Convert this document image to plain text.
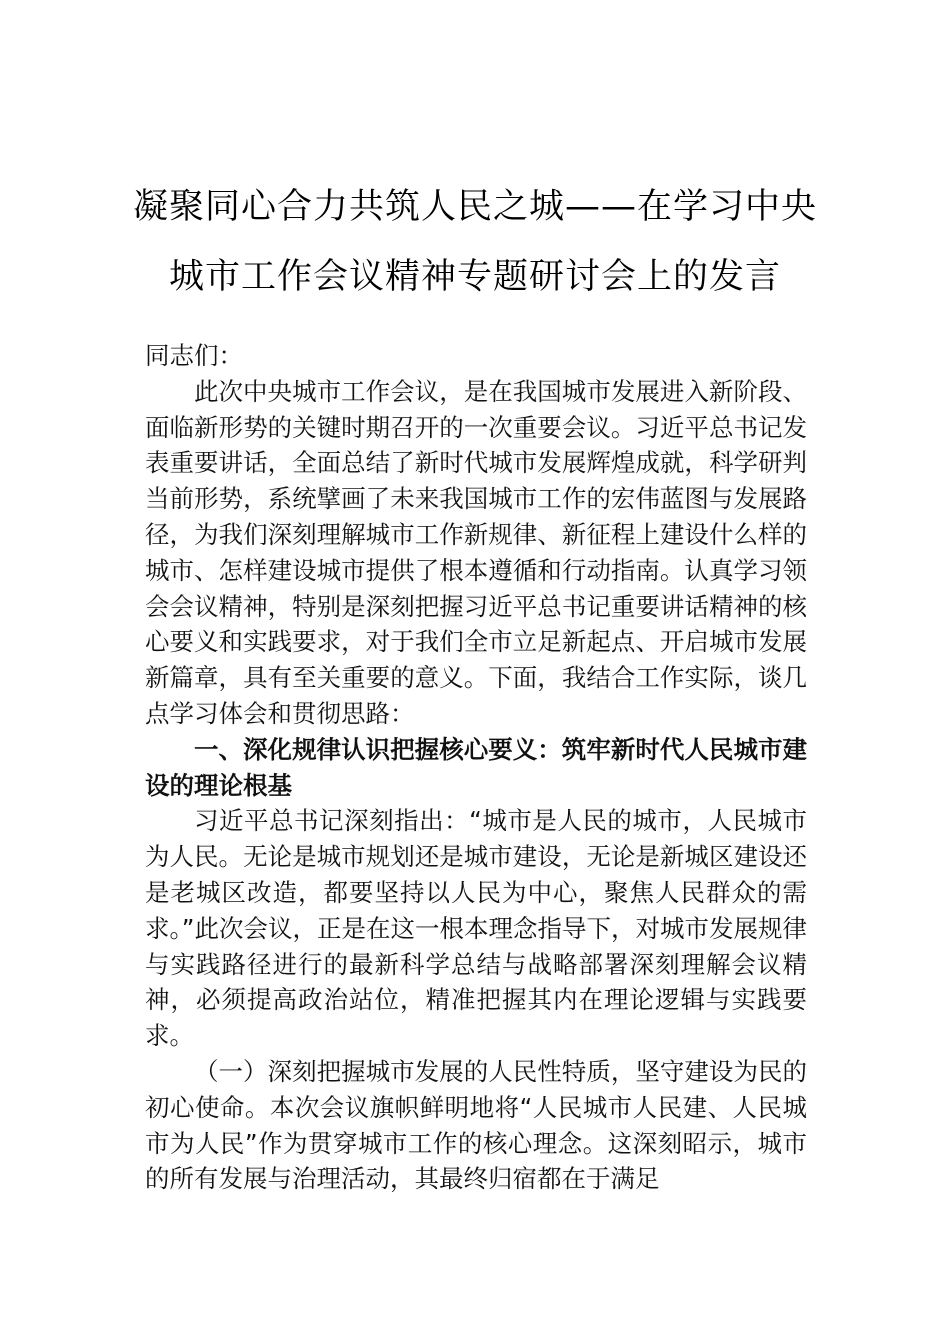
凝聚同心合力共筑人民之城——在学习中央城市工作会议精神专题研讨会上的发言

同志们：

此次中央城市工作会议，是在我国城市发展进入新阶段、面临新形势的关键时期召开的一次重要会议。习近平总书记发表重要讲话，全面总结了新时代城市发展辉煌成就，科学研判当前形势，系统擘画了未来我国城市工作的宏伟蓝图与发展路径，为我们深刻理解城市工作新规律、新征程上建设什么样的城市、怎样建设城市提供了根本遵循和行动指南。认真学习领会会议精神，特别是深刻把握习近平总书记重要讲话精神的核心要义和实践要求，对于我们全市立足新起点、开启城市发展新篇章，具有至关重要的意义。下面，我结合工作实际，谈几点学习体会和贯彻思路：

一、深化规律认识把握核心要义：筑牢新时代人民城市建设的理论根基

习近平总书记深刻指出：“城市是人民的城市，人民城市为人民。无论是城市规划还是城市建设，无论是新城区建设还是老城区改造，都要坚持以人民为中心，聚焦人民群众的需求。”此次会议，正是在这一根本理念指导下，对城市发展规律与实践路径进行的最新科学总结与战略部署深刻理解会议精神，必须提高政治站位，精准把握其内在理论逻辑与实践要求。

（一）深刻把握城市发展的人民性特质，坚守建设为民的初心使命。本次会议旗帜鲜明地将“人民城市人民建、人民城市为人民”作为贯穿城市工作的核心理念。这深刻昭示，城市的所有发展与治理活动，其最终归宿都在于满足
